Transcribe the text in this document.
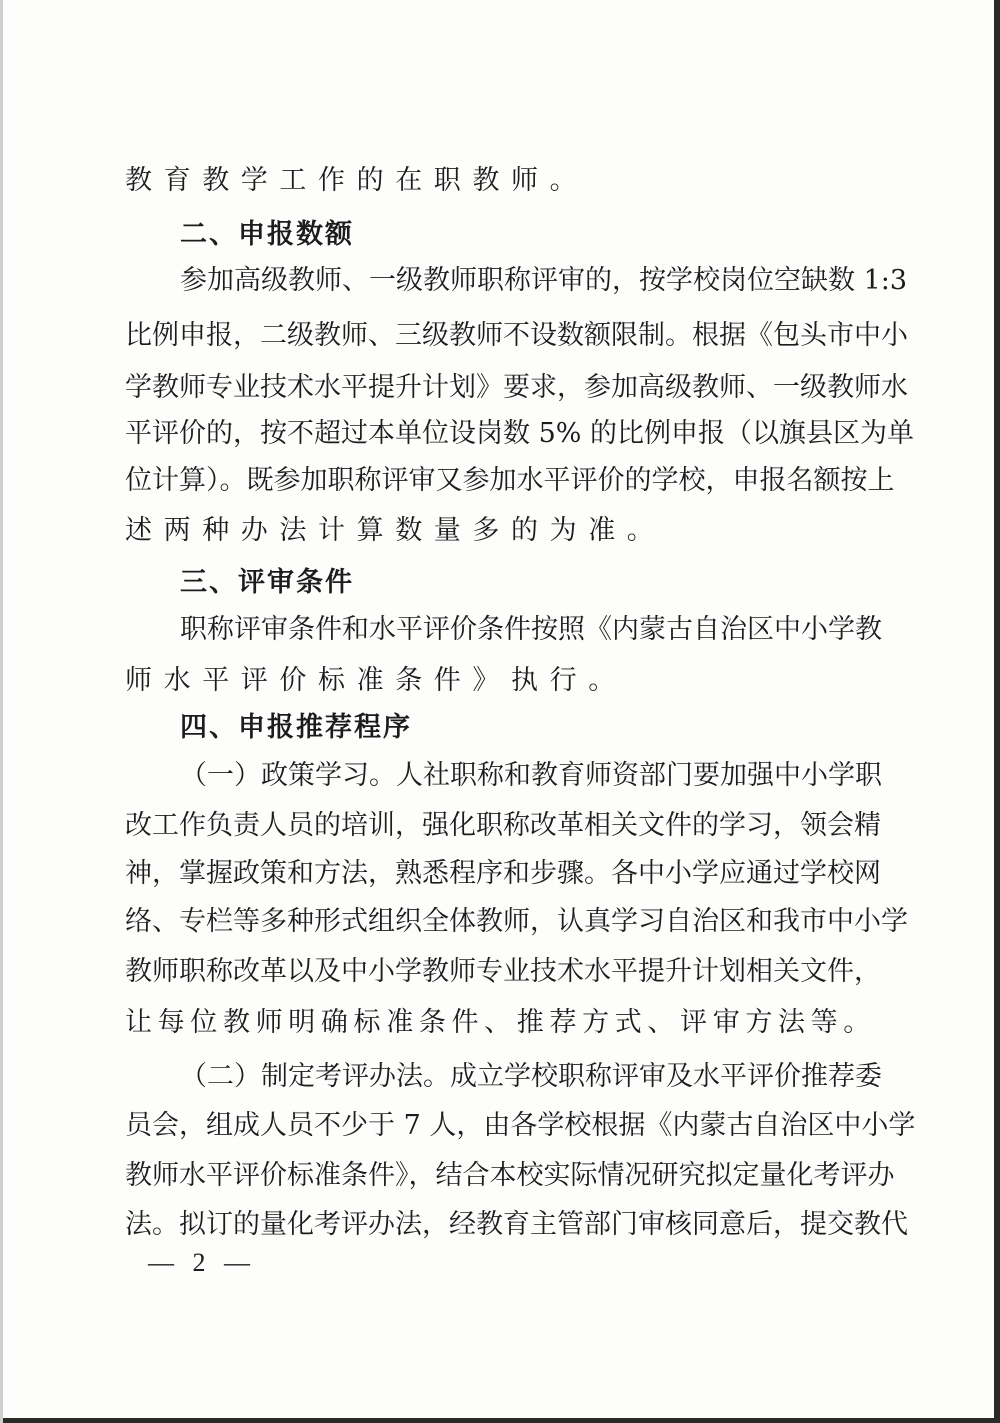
教育教学工作的在职教师。
二、申报数额
参加高级教师、一级教师职称评审的，按学校岗位空缺数 1:3
比例申报，二级教师、三级教师不设数额限制。根据《包头市中小
学教师专业技术水平提升计划》要求，参加高级教师、一级教师水
平评价的，按不超过本单位设岗数 5% 的比例申报（以旗县区为单
位计算）。既参加职称评审又参加水平评价的学校，申报名额按上
述两种办法计算数量多的为准。
三、评审条件
职称评审条件和水平评价条件按照《内蒙古自治区中小学教
师水平评价标准条件》执行。
四、申报推荐程序
（一）政策学习。人社职称和教育师资部门要加强中小学职
改工作负责人员的培训，强化职称改革相关文件的学习，领会精
神，掌握政策和方法，熟悉程序和步骤。各中小学应通过学校网
络、专栏等多种形式组织全体教师，认真学习自治区和我市中小学
教师职称改革以及中小学教师专业技术水平提升计划相关文件，
让每位教师明确标准条件、推荐方式、评审方法等。
（二）制定考评办法。成立学校职称评审及水平评价推荐委
员会，组成人员不少于 7 人，由各学校根据《内蒙古自治区中小学
教师水平评价标准条件》，结合本校实际情况研究拟定量化考评办
法。拟订的量化考评办法，经教育主管部门审核同意后，提交教代
— 2 —
